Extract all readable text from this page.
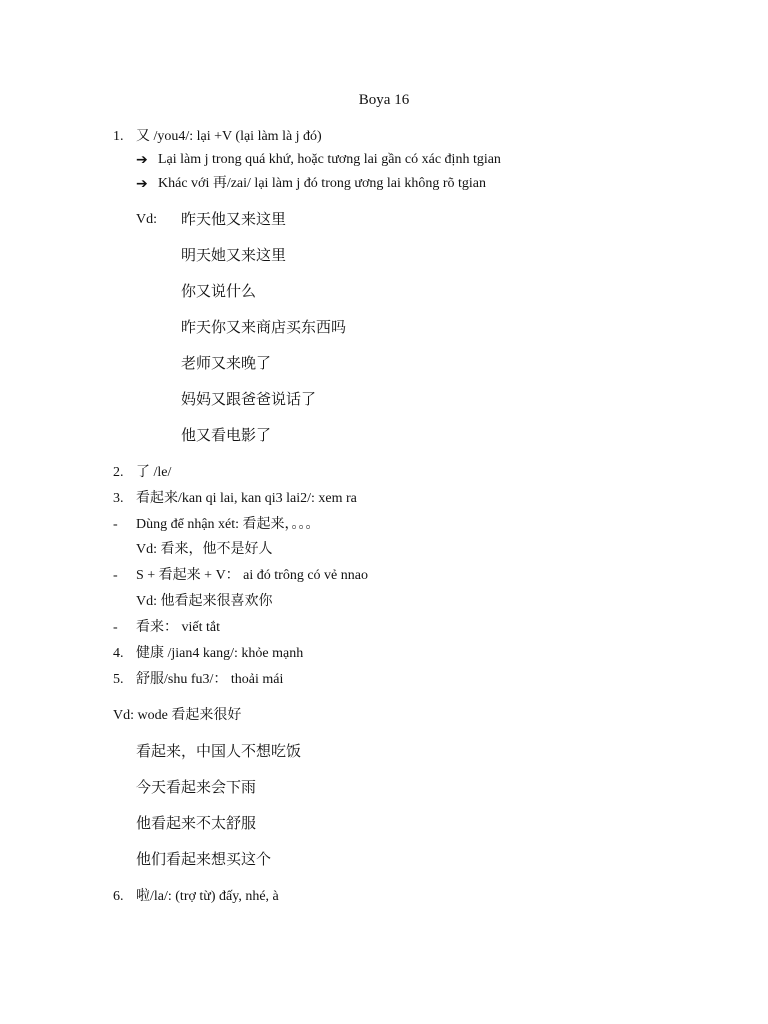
Boya 16
1. 又 /you4/: lại +V (lại làm là j đó)
➔ Lại làm j trong quá khứ, hoặc tương lai gần có xác định tgian
➔ Khác với 再/zai/ lại làm j đó trong ương lai không rõ tgian
Vd: 昨天他又来这里
明天她又来这里
你又说什么
昨天你又来商店买东西吗
老师又来晚了
妈妈又跟爸爸说话了
他又看电影了
2. 了 /le/
3. 看起来/kan qi lai, kan qi3 lai2/: xem ra
- Dùng để nhận xét: 看起来，。。。
Vd: 看来，他不是好人
- S + 看起来 + V： ai đó trông có vẻ nnao
Vd: 他看起来很喜欢你
- 看来： viết tắt
4. 健康 /jian4 kang/: khỏe mạnh
5. 舒服/shu fu3/： thoải mái
Vd: wode 看起来很好
看起来，中国人不想吃饭
今天看起来会下雨
他看起来不太舒服
他们看起来想买这个
6. 啦/la/: (trợ từ) đấy, nhé, à
